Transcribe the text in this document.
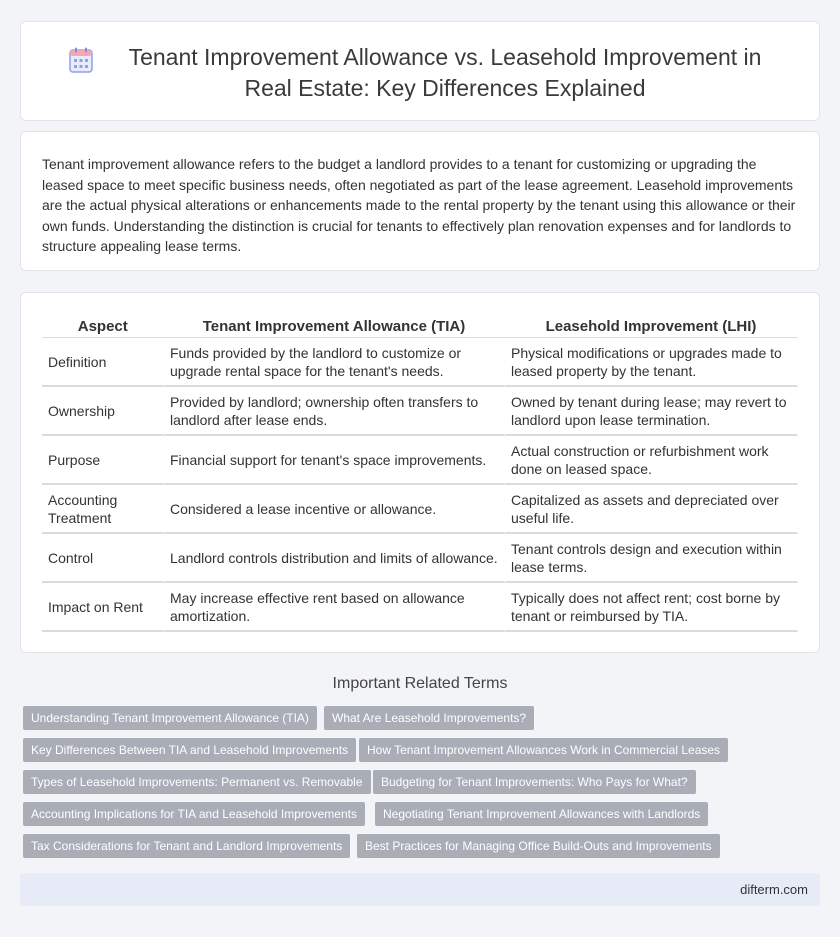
Tenant Improvement Allowance vs. Leasehold Improvement in Real Estate: Key Differences Explained
Tenant improvement allowance refers to the budget a landlord provides to a tenant for customizing or upgrading the leased space to meet specific business needs, often negotiated as part of the lease agreement. Leasehold improvements are the actual physical alterations or enhancements made to the rental property by the tenant using this allowance or their own funds. Understanding the distinction is crucial for tenants to effectively plan renovation expenses and for landlords to structure appealing lease terms.
Aspect	Tenant Improvement Allowance (TIA)	Leasehold Improvement (LHI)
Definition	Funds provided by the landlord to customize or upgrade rental space for the tenant's needs.	Physical modifications or upgrades made to leased property by the tenant.
Ownership	Provided by landlord; ownership often transfers to landlord after lease ends.	Owned by tenant during lease; may revert to landlord upon lease termination.
Purpose	Financial support for tenant's space improvements.	Actual construction or refurbishment work done on leased space.
Accounting Treatment	Considered a lease incentive or allowance.	Capitalized as assets and depreciated over useful life.
Control	Landlord controls distribution and limits of allowance.	Tenant controls design and execution within lease terms.
Impact on Rent	May increase effective rent based on allowance amortization.	Typically does not affect rent; cost borne by tenant or reimbursed by TIA.
Important Related Terms
Understanding Tenant Improvement Allowance (TIA)	What Are Leasehold Improvements?
Key Differences Between TIA and Leasehold Improvements	How Tenant Improvement Allowances Work in Commercial Leases
Types of Leasehold Improvements: Permanent vs. Removable	Budgeting for Tenant Improvements: Who Pays for What?
Accounting Implications for TIA and Leasehold Improvements	Negotiating Tenant Improvement Allowances with Landlords
Tax Considerations for Tenant and Landlord Improvements	Best Practices for Managing Office Build-Outs and Improvements
difterm.com
